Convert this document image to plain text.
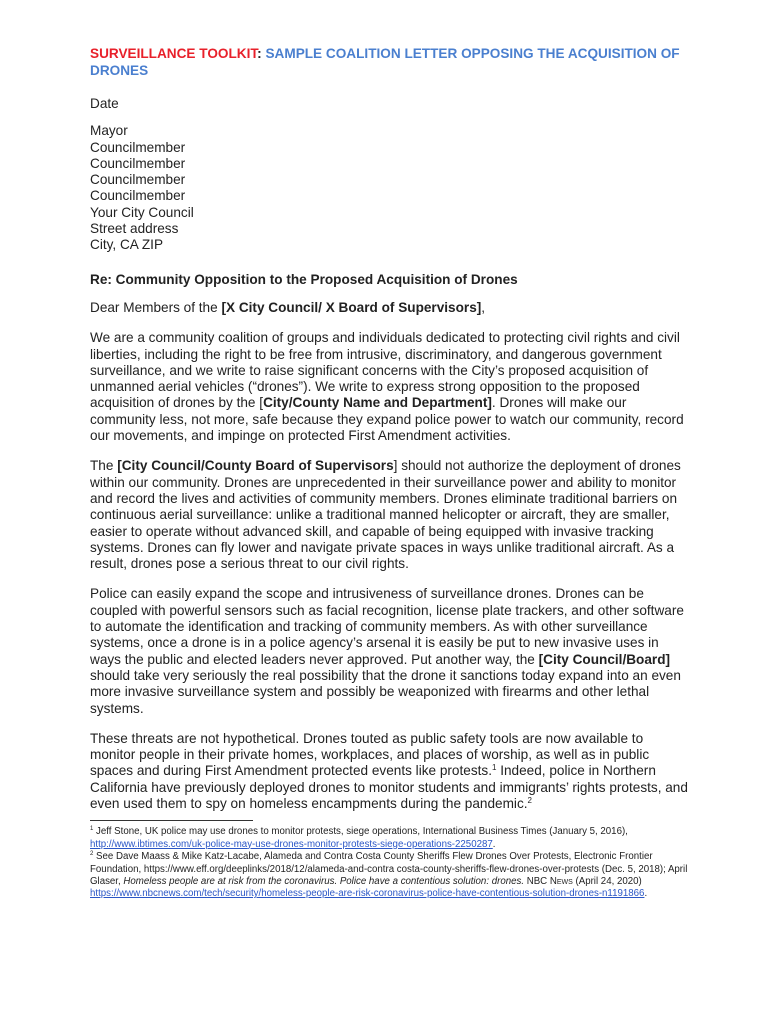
SURVEILLANCE TOOLKIT: SAMPLE COALITION LETTER OPPOSING THE ACQUISITION OF DRONES

Date

Mayor

Councilmember

Councilmember

Councilmember

Councilmember

Your City Council

Street address

City, CA ZIP

Re: Community Opposition to the Proposed Acquisition of Drones

Dear Members of the [X City Council/ X Board of Supervisors],

We are a community coalition of groups and individuals dedicated to protecting civil rights and civil liberties, including the right to be free from intrusive, discriminatory, and dangerous government surveillance, and we write to raise significant concerns with the City’s proposed acquisition of unmanned aerial vehicles (“drones”). We write to express strong opposition to the proposed acquisition of drones by the [City/County Name and Department]. Drones will make our community less, not more, safe because they expand police power to watch our community, record our movements, and impinge on protected First Amendment activities.

The [City Council/County Board of Supervisors] should not authorize the deployment of drones within our community. Drones are unprecedented in their surveillance power and ability to monitor and record the lives and activities of community members. Drones eliminate traditional barriers on continuous aerial surveillance: unlike a traditional manned helicopter or aircraft, they are smaller, easier to operate without advanced skill, and capable of being equipped with invasive tracking systems. Drones can fly lower and navigate private spaces in ways unlike traditional aircraft. As a result, drones pose a serious threat to our civil rights.

Police can easily expand the scope and intrusiveness of surveillance drones. Drones can be coupled with powerful sensors such as facial recognition, license plate trackers, and other software to automate the identification and tracking of community members. As with other surveillance systems, once a drone is in a police agency’s arsenal it is easily be put to new invasive uses in ways the public and elected leaders never approved. Put another way, the [City Council/Board] should take very seriously the real possibility that the drone it sanctions today expand into an even more invasive surveillance system and possibly be weaponized with firearms and other lethal systems.

These threats are not hypothetical. Drones touted as public safety tools are now available to monitor people in their private homes, workplaces, and places of worship, as well as in public spaces and during First Amendment protected events like protests.$^1$ Indeed, police in Northern California have previously deployed drones to monitor students and immigrants’ rights protests, and even used them to spy on homeless encampments during the pandemic.$^2$

$^1$ Jeff Stone, UK police may use drones to monitor protests, siege operations, International Business Times (January 5, 2016), http://www.ibtimes.com/uk-police-may-use-drones-monitor-protests-siege-operations-2250287.

$^2$ See Dave Maass & Mike Katz-Lacabe, Alameda and Contra Costa County Sheriffs Flew Drones Over Protests, Electronic Frontier Foundation, https://www.eff.org/deeplinks/2018/12/alameda-and-contra costa-county-sheriffs-flew-drones-over-protests (Dec. 5, 2018); April Glaser, Homeless people are at risk from the coronavirus. Police have a contentious solution: drones. NBC News (April 24, 2020) https://www.nbcnews.com/tech/security/homeless-people-are-risk-coronavirus-police-have-contentious-solution-drones-n1191866.
